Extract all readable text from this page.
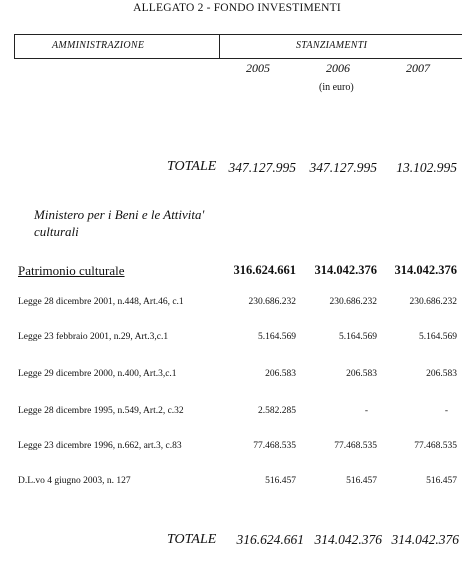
ALLEGATO 2 - FONDO INVESTIMENTI
AMMINISTRAZIONE	STANZIAMENTI
2005	2006	2007
(in euro)
TOTALE 347.127.995 347.127.995 13.102.995
Ministero per i Beni e le Attivita' culturali
Patrimonio culturale	316.624.661 314.042.376 314.042.376
Legge 28 dicembre 2001, n.448, Art.46, c.1	230.686.232	230.686.232	230.686.232
Legge 23 febbraio 2001, n.29, Art.3,c.1	5.164.569	5.164.569	5.164.569
Legge 29 dicembre 2000, n.400, Art.3,c.1	206.583	206.583	206.583
Legge 28 dicembre 1995, n.549, Art.2, c.32	2.582.285	-	-
Legge 23 dicembre 1996, n.662, art.3, c.83	77.468.535	77.468.535	77.468.535
D.L.vo 4 giugno 2003, n. 127	516.457	516.457	516.457
TOTALE 316.624.661 314.042.376 314.042.376
